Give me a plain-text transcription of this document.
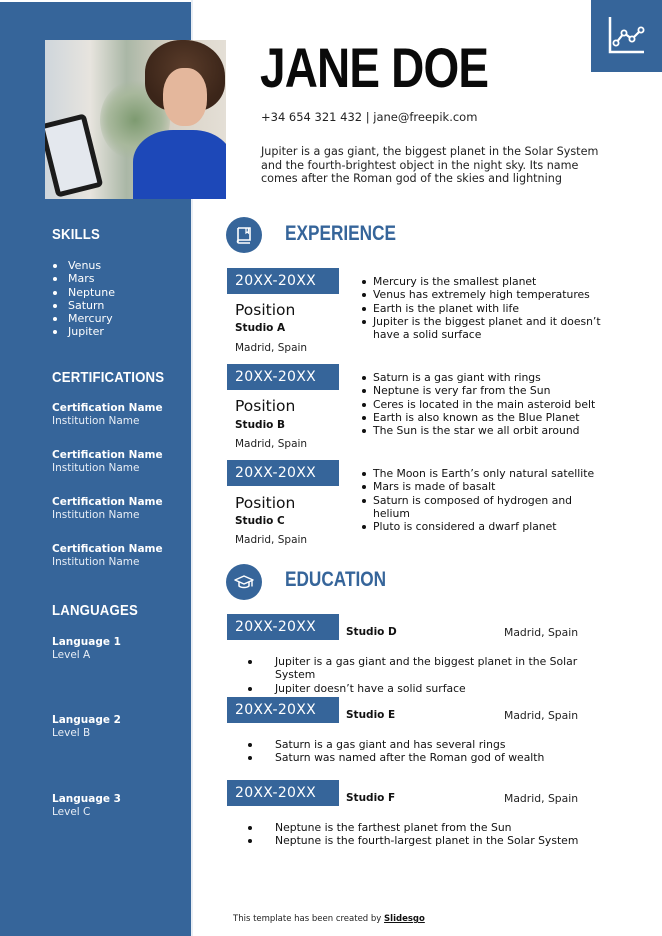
JANE DOE
+34 654 321 432 | jane@freepik.com
Jupiter is a gas giant, the biggest planet in the Solar System and the fourth-brightest object in the night sky. Its name comes after the Roman god of the skies and lightning
SKILLS
Venus
Mars
Neptune
Saturn
Mercury
Jupiter
CERTIFICATIONS
Certification Name
Institution Name
Certification Name
Institution Name
Certification Name
Institution Name
Certification Name
Institution Name
LANGUAGES
Language 1
Level A
Language 2
Level B
Language 3
Level C
EXPERIENCE
20XX-20XX
Position
Studio A
Madrid, Spain
Mercury is the smallest planet
Venus has extremely high temperatures
Earth is the planet with life
Jupiter is the biggest planet and it doesn’t have a solid surface
20XX-20XX
Position
Studio B
Madrid, Spain
Saturn is a gas giant with rings
Neptune is very far from the Sun
Ceres is located in the main asteroid belt
Earth is also known as the Blue Planet
The Sun is the star we all orbit around
20XX-20XX
Position
Studio C
Madrid, Spain
The Moon is Earth’s only natural satellite
Mars is made of basalt
Saturn is composed of hydrogen and helium
Pluto is considered a dwarf planet
EDUCATION
20XX-20XX	Studio D	Madrid, Spain
Jupiter is a gas giant and the biggest planet in the Solar System
Jupiter doesn’t have a solid surface
20XX-20XX	Studio E	Madrid, Spain
Saturn is a gas giant and has several rings
Saturn was named after the Roman god of wealth
20XX-20XX	Studio F	Madrid, Spain
Neptune is the farthest planet from the Sun
Neptune is the fourth-largest planet in the Solar System
This template has been created by Slidesgo
